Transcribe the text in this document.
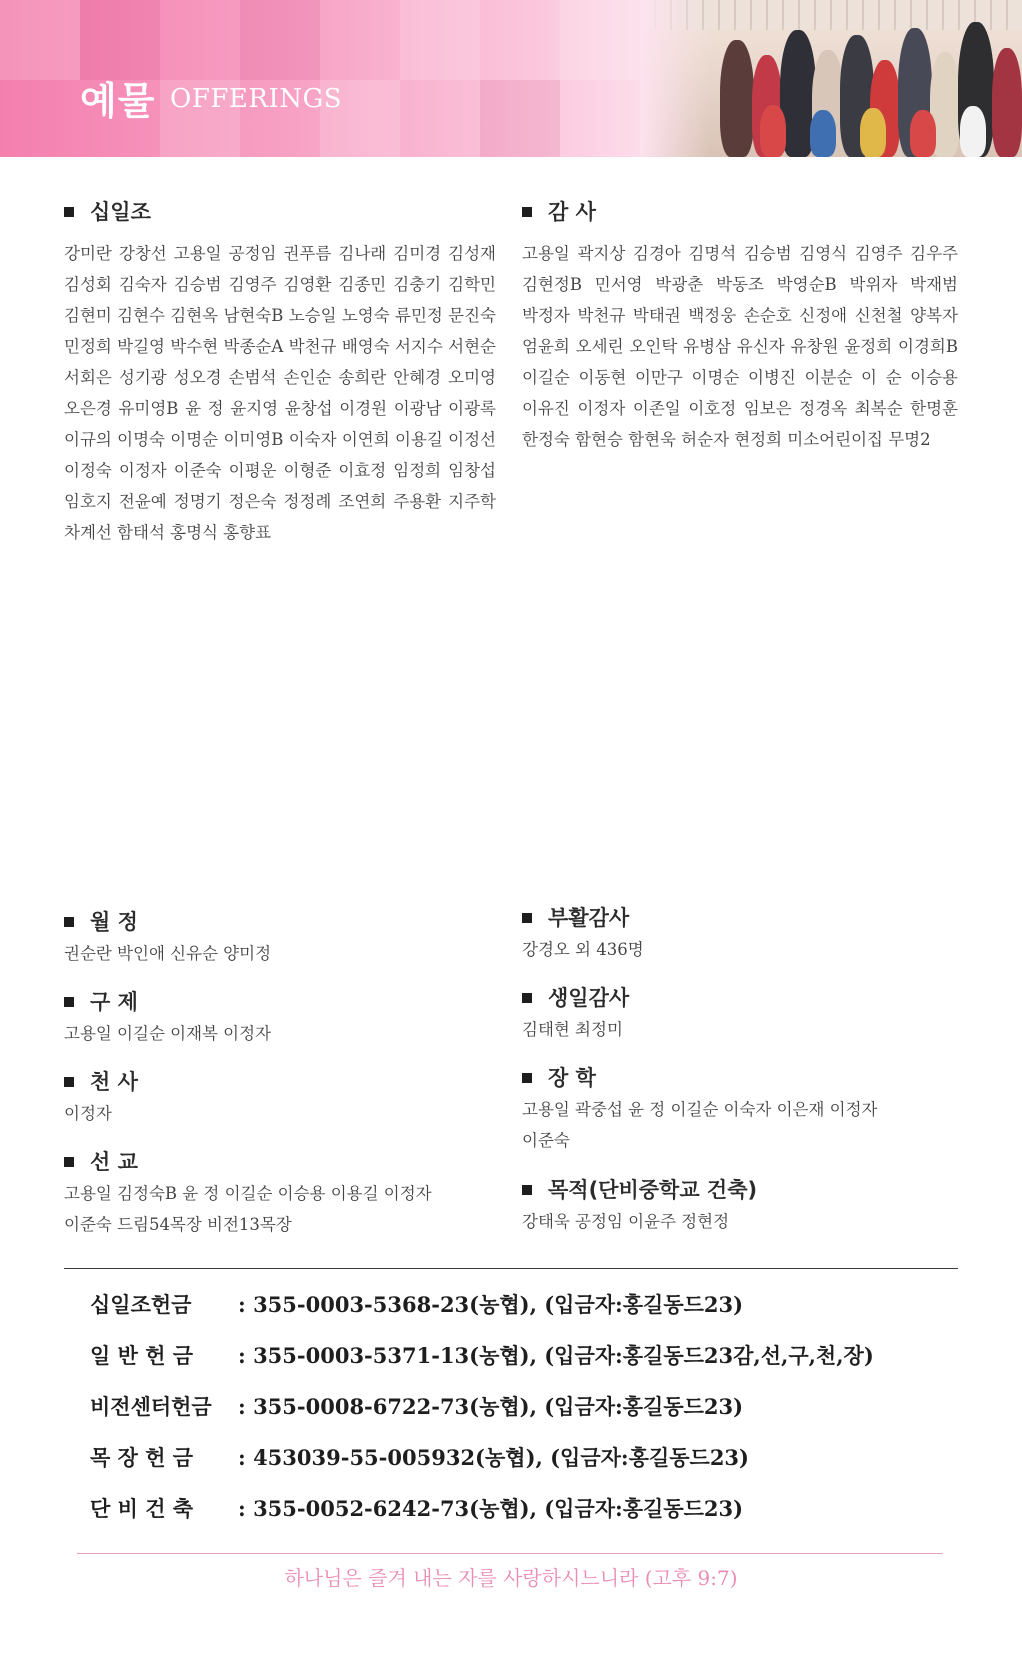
예물 OFFERINGS
십일조
강미란 강창선 고용일 공정임 권푸름 김나래 김미경 김성재 김성회 김숙자 김승범 김영주 김영환 김종민 김충기 김학민 김현미 김현수 김현옥 남현숙B 노승일 노영숙 류민정 문진숙 민정희 박길영 박수현 박종순A 박천규 배영숙 서지수 서현순 서회은 성기광 성오경 손범석 손인순 송희란 안혜경 오미영 오은경 유미영B 윤 정 윤지영 윤창섭 이경원 이광남 이광록 이규의 이명숙 이명순 이미영B 이숙자 이연희 이용길 이정선 이정숙 이정자 이준숙 이평운 이형준 이효정 임정희 임창섭 임호지 전윤예 정명기 정은숙 정정례 조연희 주용환 지주학 차계선 함태석 홍명식 홍향표
감 사
고용일 곽지상 김경아 김명석 김승범 김영식 김영주 김우주 김현정B 민서영 박광춘 박동조 박영순B 박위자 박재범 박정자 박천규 박태권 백정웅 손순호 신정애 신천철 양복자 엄윤희 오세린 오인탁 유병삼 유신자 유창원 윤정희 이경희B 이길순 이동현 이만구 이명순 이병진 이분순 이 순 이승용 이유진 이정자 이존일 이호정 임보은 정경옥 최복순 한명훈 한정숙 함현승 함현욱 허순자 현정희 미소어린이집 무명2
월 정
권순란 박인애 신유순 양미정
구 제
고용일 이길순 이재복 이정자
천 사
이정자
선 교
고용일 김정숙B 윤 정 이길순 이승용 이용길 이정자
이준숙 드림54목장 비전13목장
부활감사
강경오 외 436명
생일감사
김태현 최정미
장 학
고용일 곽중섭 윤 정 이길순 이숙자 이은재 이정자
이준숙
목적(단비중학교 건축)
강태욱 공정임 이윤주 정현정
십일조헌금 : 355-0003-5368-23(농협), (입금자:홍길동드23)
일 반 헌 금 : 355-0003-5371-13(농협), (입금자:홍길동드23감,선,구,천,장)
비전센터헌금 : 355-0008-6722-73(농협), (입금자:홍길동드23)
목 장 헌 금 : 453039-55-005932(농협), (입금자:홍길동드23)
단 비 건 축 : 355-0052-6242-73(농협), (입금자:홍길동드23)
하나님은 즐겨 내는 자를 사랑하시느니라 (고후 9:7)
